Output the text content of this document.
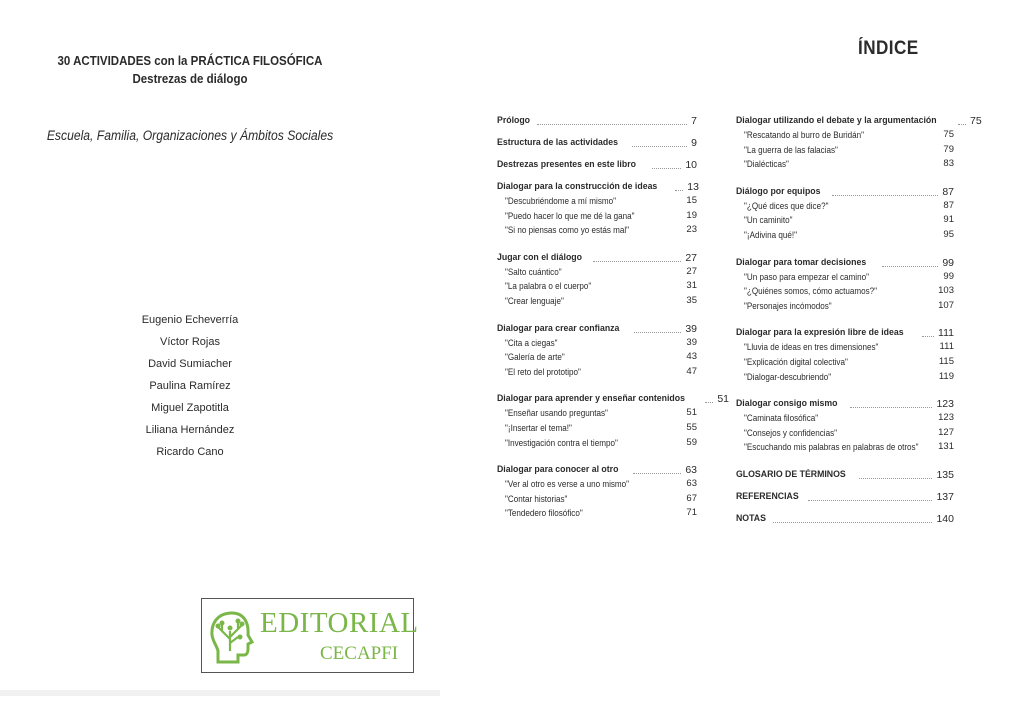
30 ACTIVIDADES con la PRÁCTICA FILOSÓFICA
Destrezas de diálogo
Escuela, Familia, Organizaciones y Ámbitos Sociales
Eugenio Echeverría
Víctor Rojas
David Sumiacher
Paulina Ramírez
Miguel Zapotitla
Liliana Hernández
Ricardo Cano
EDITORIAL
CECAPFI
ÍNDICE
Prólogo	7
Estructura de las actividades	9
Destrezas presentes en este libro	10
Dialogar para la construcción de ideas	13
"Descubriéndome a mí mismo"	15
"Puedo hacer lo que me dé la gana"	19
"Si no piensas como yo estás mal"	23
Jugar con el diálogo	27
"Salto cuántico"	27
"La palabra o el cuerpo"	31
"Crear lenguaje"	35
Dialogar para crear confianza	39
"Cita a ciegas"	39
"Galería de arte"	43
"El reto del prototipo"	47
Dialogar para aprender y enseñar contenidos	51
"Enseñar usando preguntas"	51
"¡Insertar el tema!"	55
"Investigación contra el tiempo"	59
Dialogar para conocer al otro	63
"Ver al otro es verse a uno mismo"	63
"Contar historias"	67
"Tendedero filosófico"	71
Dialogar utilizando el debate y la argumentación	75
"Rescatando al burro de Buridán"	75
"La guerra de las falacias"	79
"Dialécticas"	83
Diálogo por equipos	87
"¿Qué dices que dice?"	87
"Un caminito"	91
"¡Adivina qué!"	95
Dialogar para tomar decisiones	99
"Un paso para empezar el camino"	99
"¿Quiénes somos, cómo actuamos?"	103
"Personajes incómodos"	107
Dialogar para la expresión libre de ideas	111
"Lluvia de ideas en tres dimensiones"	111
"Explicación digital colectiva"	115
"Dialogar-descubriendo"	119
Dialogar consigo mismo	123
"Caminata filosófica"	123
"Consejos y confidencias"	127
"Escuchando mis palabras en palabras de otros"	131
GLOSARIO DE TÉRMINOS	135
REFERENCIAS	137
NOTAS	140
